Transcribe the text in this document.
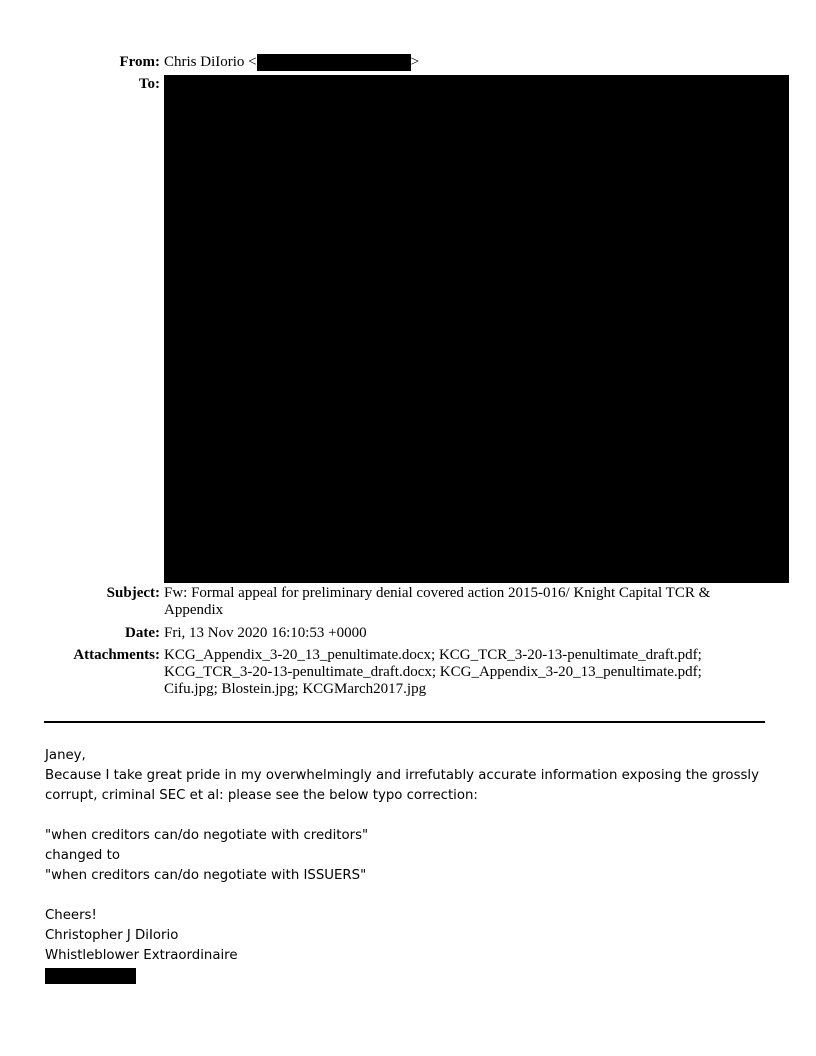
From: Chris DiIorio <	>
To:
Subject: Fw: Formal appeal for preliminary denial covered action 2015-016/ Knight Capital TCR & Appendix
Date: Fri, 13 Nov 2020 16:10:53 +0000
Attachments: KCG_Appendix_3-20_13_penultimate.docx; KCG_TCR_3-20-13-penultimate_draft.pdf; KCG_TCR_3-20-13-penultimate_draft.docx; KCG_Appendix_3-20_13_penultimate.pdf; Cifu.jpg; Blostein.jpg; KCGMarch2017.jpg

Janey,

Because I take great pride in my overwhelmingly and irrefutably accurate information exposing the grossly corrupt, criminal SEC et al: please see the below typo correction:

"when creditors can/do negotiate with creditors"

changed to

"when creditors can/do negotiate with ISSUERS"

Cheers!

Christopher J DiIorio

Whistleblower Extraordinaire
